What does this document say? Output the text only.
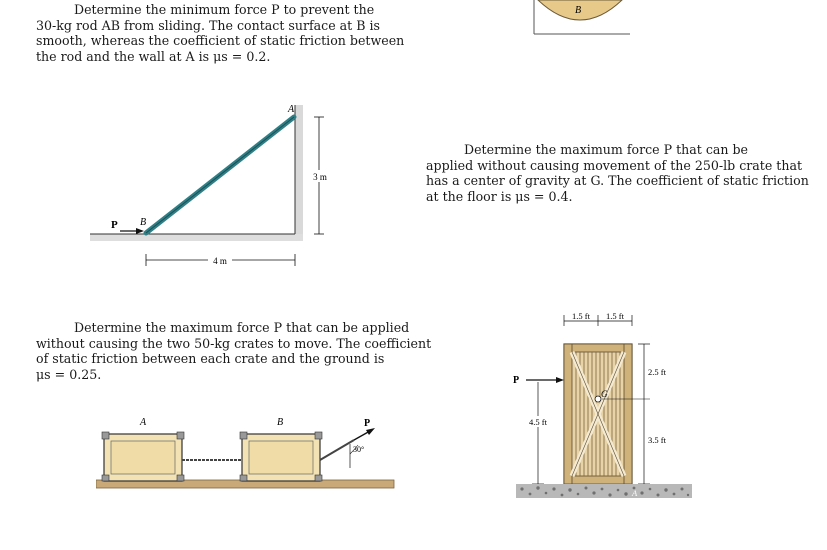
Determine the minimum force P to prevent the
30-kg rod AB from sliding. The contact surface at B is
smooth, whereas the coefficient of static friction between
the rod and the wall at A is μs = 0.2.
P B
A
3 m
4 m
B
Determine the maximum force P that can be
applied without causing movement of the 250-lb crate that
has a center of gravity at G. The coefficient of static friction
at the floor is μs = 0.4.
Determine the maximum force P that can be applied
without causing the two 50-kg crates to move. The coefficient
of static friction between each crate and the ground is
μs = 0.25.
A	B	P
30°
1.5 ft 1.5 ft
G
P
4.5 ft
2.5 ft
3.5 ft
A
